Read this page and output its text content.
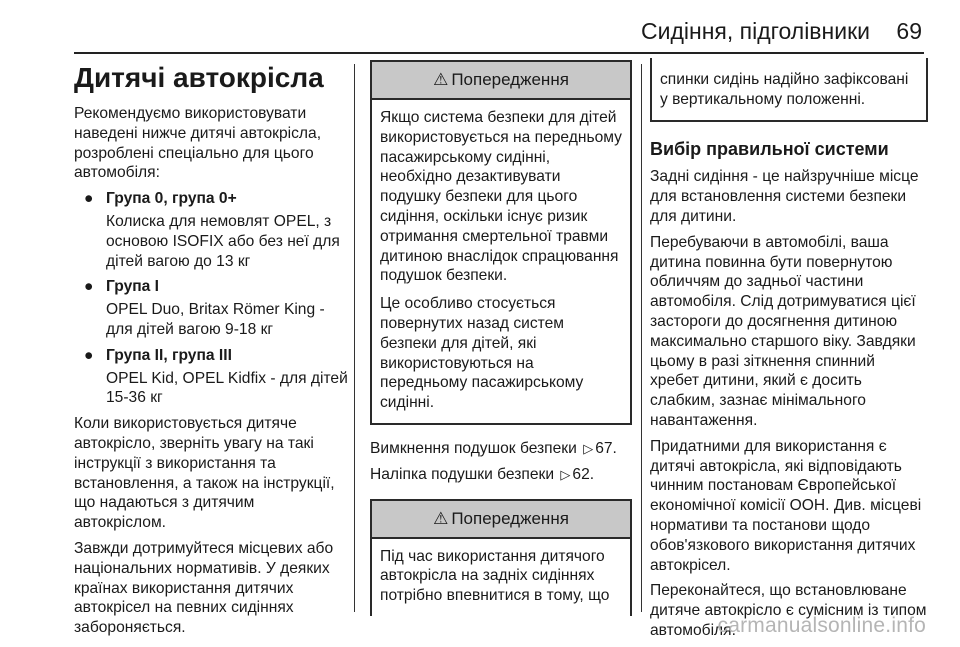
Сидіння, підголівники 69
Дитячі автокрісла

Рекомендуємо використовувати наведені нижче дитячі автокрісла, розроблені спеціально для цього автомобіля:

● Група 0, група 0+
Колиска для немовлят OPEL, з основою ISOFIX або без неї для дітей вагою до 13 кг
● Група I
OPEL Duo, Britax Römer King - для дітей вагою 9-18 кг
● Група II, група III
OPEL Kid, OPEL Kidfix - для дітей 15-36 кг

Коли використовується дитяче автокрісло, зверніть увагу на такі інструкції з використання та встановлення, а також на інструкції, що надаються з дитячим автокріслом.

Завжди дотримуйтеся місцевих або національних нормативів. У деяких країнах використання дитячих автокрісел на певних сидіннях забороняється.

⚠ Попередження

Якщо система безпеки для дітей використовується на передньому пасажирському сидінні, необхідно дезактивувати подушку безпеки для цього сидіння, оскільки існує ризик отримання смертельної травми дитиною внаслідок спрацювання подушок безпеки.

Це особливо стосується повернутих назад систем безпеки для дітей, які використовуються на передньому пасажирському сидінні.

Вимкнення подушок безпеки ▷ 67.

Наліпка подушки безпеки ▷ 62.

⚠ Попередження

Під час використання дитячого автокрісла на задніх сидіннях потрібно впевнитися в тому, що

спинки сидінь надійно зафіксовані у вертикальному положенні.

Вибір правильної системи

Задні сидіння - це найзручніше місце для встановлення системи безпеки для дитини.

Перебуваючи в автомобілі, ваша дитина повинна бути повернутою обличчям до задньої частини автомобіля. Слід дотримуватися цієї застороги до досягнення дитиною максимально старшого віку. Завдяки цьому в разі зіткнення спинний хребет дитини, який є досить слабким, зазнає мінімального навантаження.

Придатними для використання є дитячі автокрісла, які відповідають чинним постановам Європейської економічної комісії ООН. Див. місцеві нормативи та постанови щодо обов'язкового використання дитячих автокрісел.

Переконайтеся, що встановлюване дитяче автокрісло є сумісним із типом автомобіля.

carmanualsonline.info
